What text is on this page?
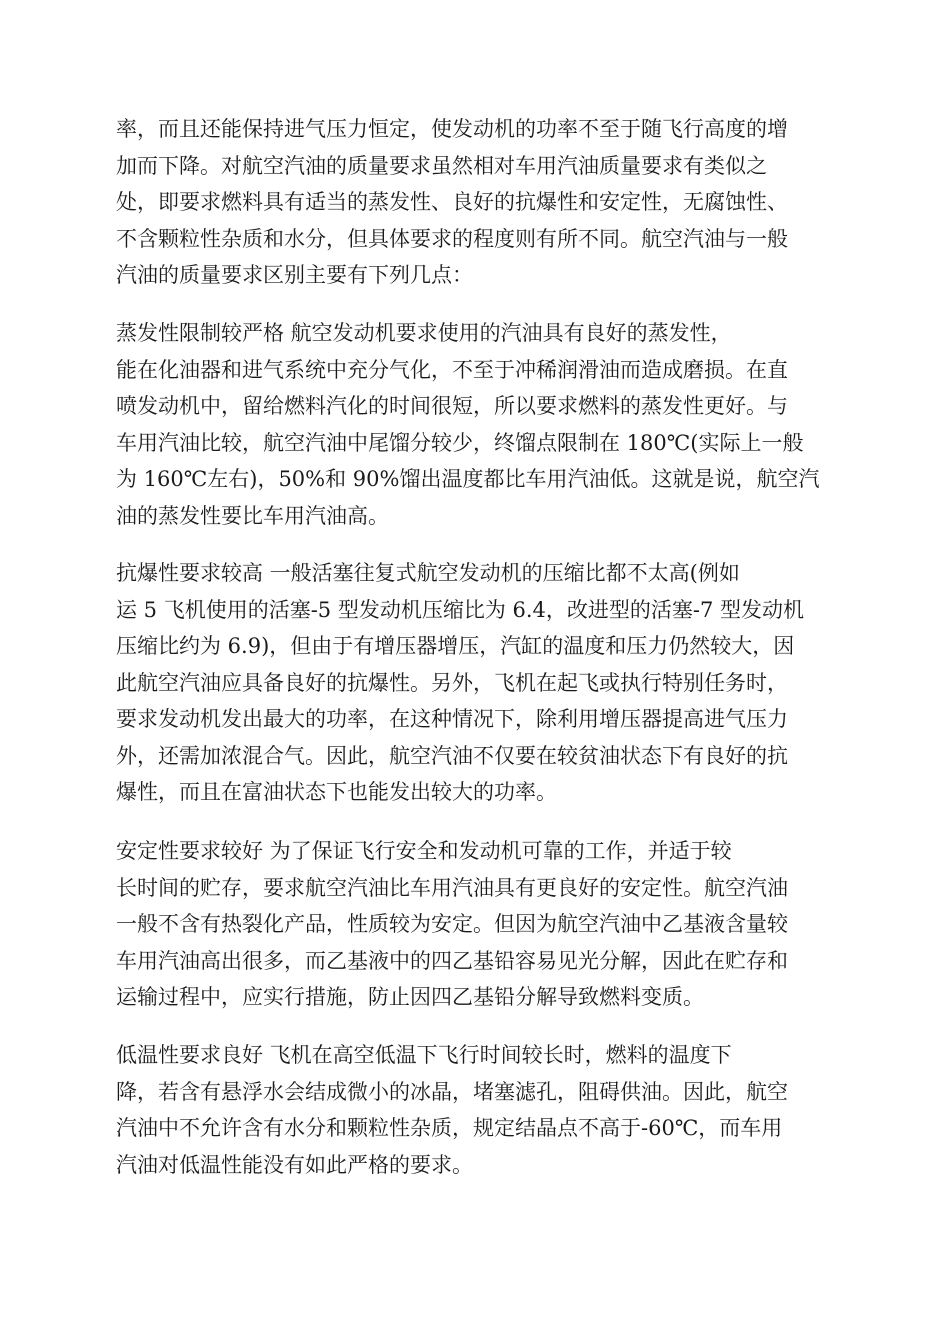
率，而且还能保持进气压力恒定，使发动机的功率不至于随飞行高度的增
加而下降。对航空汽油的质量要求虽然相对车用汽油质量要求有类似之
处，即要求燃料具有适当的蒸发性、良好的抗爆性和安定性，无腐蚀性、
不含颗粒性杂质和水分，但具体要求的程度则有所不同。航空汽油与一般
汽油的质量要求区别主要有下列几点：
蒸发性限制较严格 航空发动机要求使用的汽油具有良好的蒸发性，
能在化油器和进气系统中充分气化，不至于冲稀润滑油而造成磨损。在直
喷发动机中，留给燃料汽化的时间很短，所以要求燃料的蒸发性更好。与
车用汽油比较，航空汽油中尾馏分较少，终馏点限制在 180℃(实际上一般
为 160℃左右)，50%和 90%馏出温度都比车用汽油低。这就是说，航空汽
油的蒸发性要比车用汽油高。
抗爆性要求较高 一般活塞往复式航空发动机的压缩比都不太高(例如
运 5 飞机使用的活塞-5 型发动机压缩比为 6.4，改进型的活塞-7 型发动机
压缩比约为 6.9)，但由于有增压器增压，汽缸的温度和压力仍然较大，因
此航空汽油应具备良好的抗爆性。另外，飞机在起飞或执行特别任务时，
要求发动机发出最大的功率，在这种情况下，除利用增压器提高进气压力
外，还需加浓混合气。因此，航空汽油不仅要在较贫油状态下有良好的抗
爆性，而且在富油状态下也能发出较大的功率。
安定性要求较好 为了保证飞行安全和发动机可靠的工作，并适于较
长时间的贮存，要求航空汽油比车用汽油具有更良好的安定性。航空汽油
一般不含有热裂化产品，性质较为安定。但因为航空汽油中乙基液含量较
车用汽油高出很多，而乙基液中的四乙基铅容易见光分解，因此在贮存和
运输过程中，应实行措施，防止因四乙基铅分解导致燃料变质。
低温性要求良好 飞机在高空低温下飞行时间较长时，燃料的温度下
降，若含有悬浮水会结成微小的冰晶，堵塞滤孔，阻碍供油。因此，航空
汽油中不允许含有水分和颗粒性杂质，规定结晶点不高于-60℃，而车用
汽油对低温性能没有如此严格的要求。
